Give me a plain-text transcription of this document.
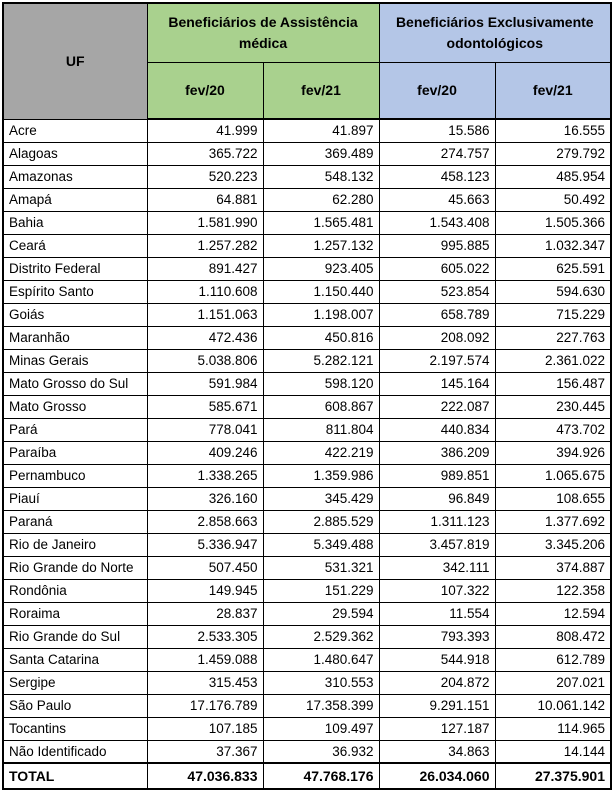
UF	Beneficiários de Assistência médica		Beneficiários Exclusivamente odontológicos	
	fev/20	fev/21	fev/20	fev/21
Acre	41.999	41.897	15.586	16.555
Alagoas	365.722	369.489	274.757	279.792
Amazonas	520.223	548.132	458.123	485.954
Amapá	64.881	62.280	45.663	50.492
Bahia	1.581.990	1.565.481	1.543.408	1.505.366
Ceará	1.257.282	1.257.132	995.885	1.032.347
Distrito Federal	891.427	923.405	605.022	625.591
Espírito Santo	1.110.608	1.150.440	523.854	594.630
Goiás	1.151.063	1.198.007	658.789	715.229
Maranhão	472.436	450.816	208.092	227.763
Minas Gerais	5.038.806	5.282.121	2.197.574	2.361.022
Mato Grosso do Sul	591.984	598.120	145.164	156.487
Mato Grosso	585.671	608.867	222.087	230.445
Pará	778.041	811.804	440.834	473.702
Paraíba	409.246	422.219	386.209	394.926
Pernambuco	1.338.265	1.359.986	989.851	1.065.675
Piauí	326.160	345.429	96.849	108.655
Paraná	2.858.663	2.885.529	1.311.123	1.377.692
Rio de Janeiro	5.336.947	5.349.488	3.457.819	3.345.206
Rio Grande do Norte	507.450	531.321	342.111	374.887
Rondônia	149.945	151.229	107.322	122.358
Roraima	28.837	29.594	11.554	12.594
Rio Grande do Sul	2.533.305	2.529.362	793.393	808.472
Santa Catarina	1.459.088	1.480.647	544.918	612.789
Sergipe	315.453	310.553	204.872	207.021
São Paulo	17.176.789	17.358.399	9.291.151	10.061.142
Tocantins	107.185	109.497	127.187	114.965
Não Identificado	37.367	36.932	34.863	14.144
TOTAL	47.036.833	47.768.176	26.034.060	27.375.901
